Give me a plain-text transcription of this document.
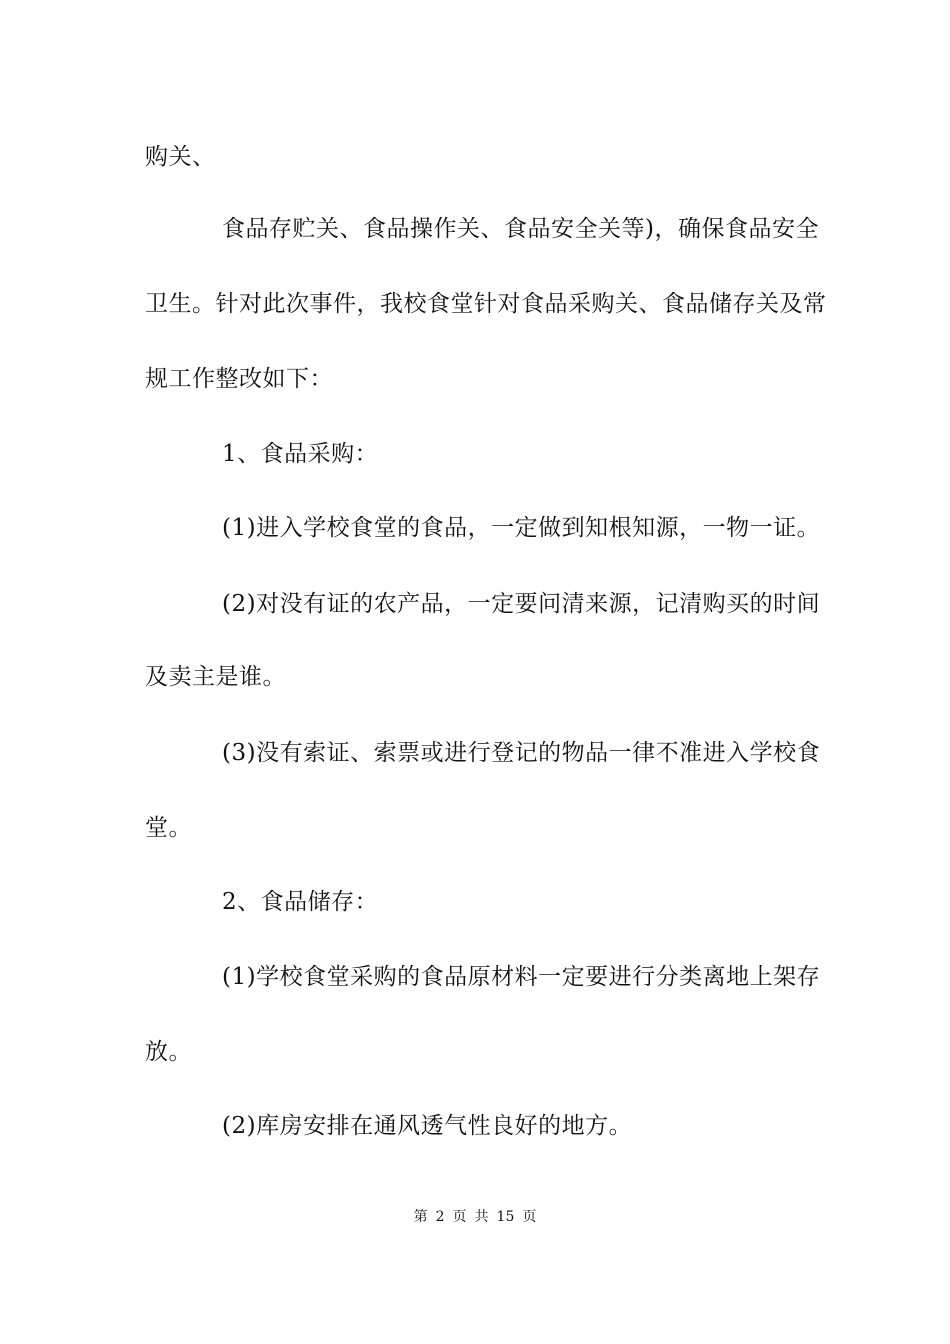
购关、
食品存贮关、食品操作关、食品安全关等)，确保食品安全
卫生。针对此次事件，我校食堂针对食品采购关、食品储存关及常
规工作整改如下：
1、食品采购：
(1)进入学校食堂的食品，一定做到知根知源，一物一证。
(2)对没有证的农产品，一定要问清来源，记清购买的时间
及卖主是谁。
(3)没有索证、索票或进行登记的物品一律不准进入学校食
堂。
2、食品储存：
(1)学校食堂采购的食品原材料一定要进行分类离地上架存
放。
(2)库房安排在通风透气性良好的地方。
第 2 页 共 15 页
